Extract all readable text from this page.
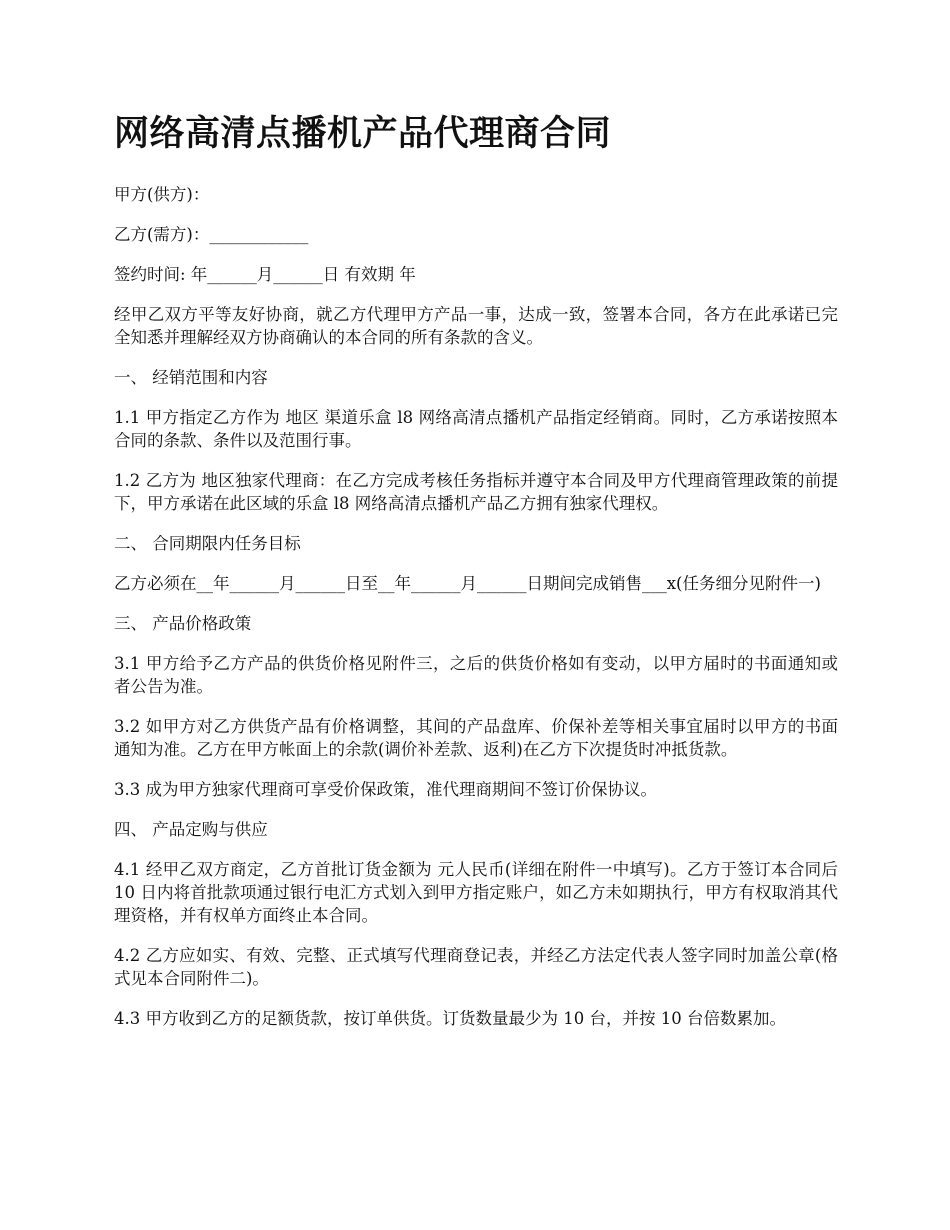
网络高清点播机产品代理商合同

甲方(供方)：

乙方(需方)：____________

签约时间: 年______月______日 有效期 年

经甲乙双方平等友好协商，就乙方代理甲方产品一事，达成一致，签署本合同，各方在此承诺已完全知悉并理解经双方协商确认的本合同的所有条款的含义。

一、 经销范围和内容

1.1 甲方指定乙方作为 地区 渠道乐盒 l8 网络高清点播机产品指定经销商。同时，乙方承诺按照本合同的条款、条件以及范围行事。

1.2 乙方为 地区独家代理商：在乙方完成考核任务指标并遵守本合同及甲方代理商管理政策的前提下，甲方承诺在此区域的乐盒 l8 网络高清点播机产品乙方拥有独家代理权。

二、 合同期限内任务目标

乙方必须在__年______月______日至__年______月______日期间完成销售___x(任务细分见附件一)

三、 产品价格政策

3.1 甲方给予乙方产品的供货价格见附件三，之后的供货价格如有变动，以甲方届时的书面通知或者公告为准。

3.2 如甲方对乙方供货产品有价格调整，其间的产品盘库、价保补差等相关事宜届时以甲方的书面通知为准。乙方在甲方帐面上的余款(调价补差款、返利)在乙方下次提货时冲抵货款。

3.3 成为甲方独家代理商可享受价保政策，准代理商期间不签订价保协议。

四、 产品定购与供应

4.1 经甲乙双方商定，乙方首批订货金额为 元人民币(详细在附件一中填写)。乙方于签订本合同后 10 日内将首批款项通过银行电汇方式划入到甲方指定账户，如乙方未如期执行，甲方有权取消其代理资格，并有权单方面终止本合同。

4.2 乙方应如实、有效、完整、正式填写代理商登记表，并经乙方法定代表人签字同时加盖公章(格式见本合同附件二)。

4.3 甲方收到乙方的足额货款，按订单供货。订货数量最少为 10 台，并按 10 台倍数累加。
